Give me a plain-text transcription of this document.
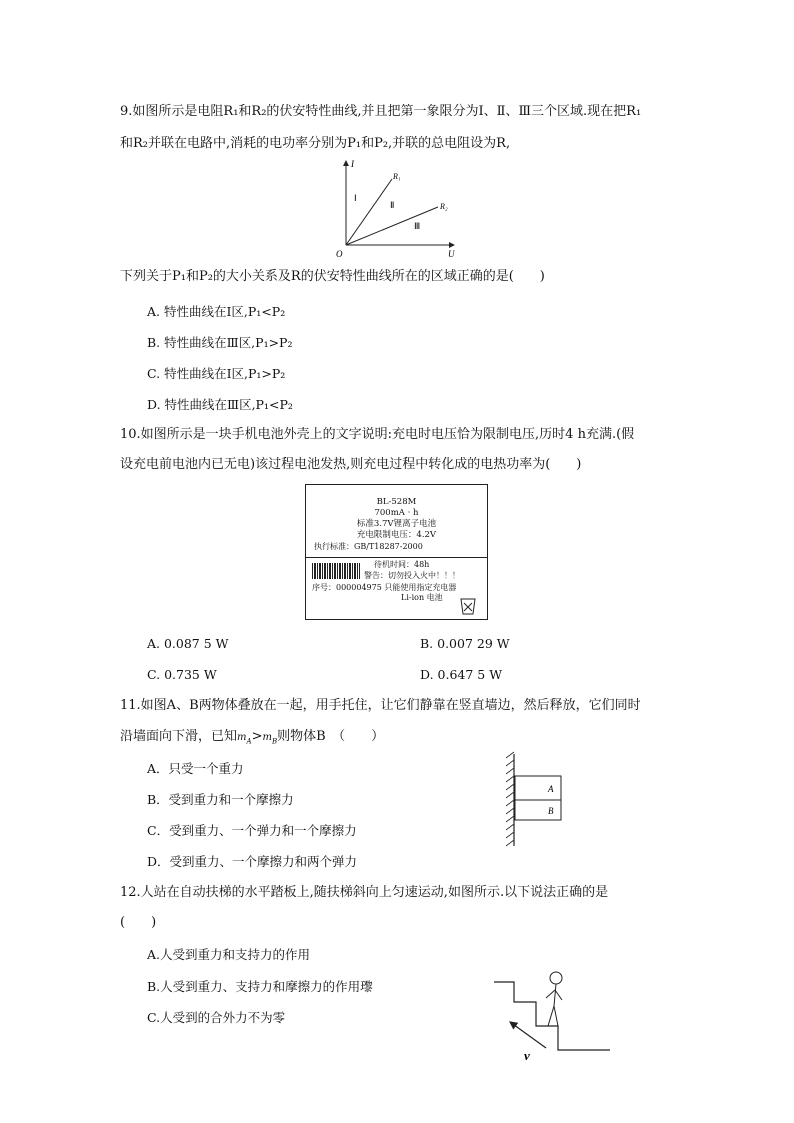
9.如图所示是电阻R₁和R₂的伏安特性曲线,并且把第一象限分为Ⅰ、Ⅱ、Ⅲ三个区域.现在把R₁
和R₂并联在电路中,消耗的电功率分别为P₁和P₂,并联的总电阻设为R,
I
U
O
R₁
R₂
Ⅰ
Ⅱ
Ⅲ
下列关于P₁和P₂的大小关系及R的伏安特性曲线所在的区域正确的是(　　)
A. 特性曲线在Ⅰ区,P₁<P₂
B. 特性曲线在Ⅲ区,P₁>P₂
C. 特性曲线在Ⅰ区,P₁>P₂
D. 特性曲线在Ⅲ区,P₁<P₂
10.如图所示是一块手机电池外壳上的文字说明:充电时电压恰为限制电压,历时4 h充满.(假
设充电前电池内已无电)该过程电池发热,则充电过程中转化成的电热功率为(　　)
BL-528M
700mA · h
标准3.7V锂离子电池
充电限制电压：4.2V
执行标准：GB/T18287-2000
待机时间：48h
警告：切勿投入火中！！！
序号：000004975 只能使用指定充电器
Li-ion 电池
A. 0.087 5 W	B. 0.007 29 W
C. 0.735 W	D. 0.647 5 W
11.如图A、B两物体叠放在一起，用手托住，让它们静靠在竖直墙边，然后释放，它们同时
沿墙面向下滑，已知$m_A>m_B$则物体B　（　　）
A．只受一个重力
B．受到重力和一个摩擦力
C．受到重力、一个弹力和一个摩擦力
D．受到重力、一个摩擦力和两个弹力
A
B
12.人站在自动扶梯的水平踏板上,随扶梯斜向上匀速运动,如图所示.以下说法正确的是
(　　)
A.人受到重力和支持力的作用
B.人受到重力、支持力和摩擦力的作用瓈
C.人受到的合外力不为零
v
